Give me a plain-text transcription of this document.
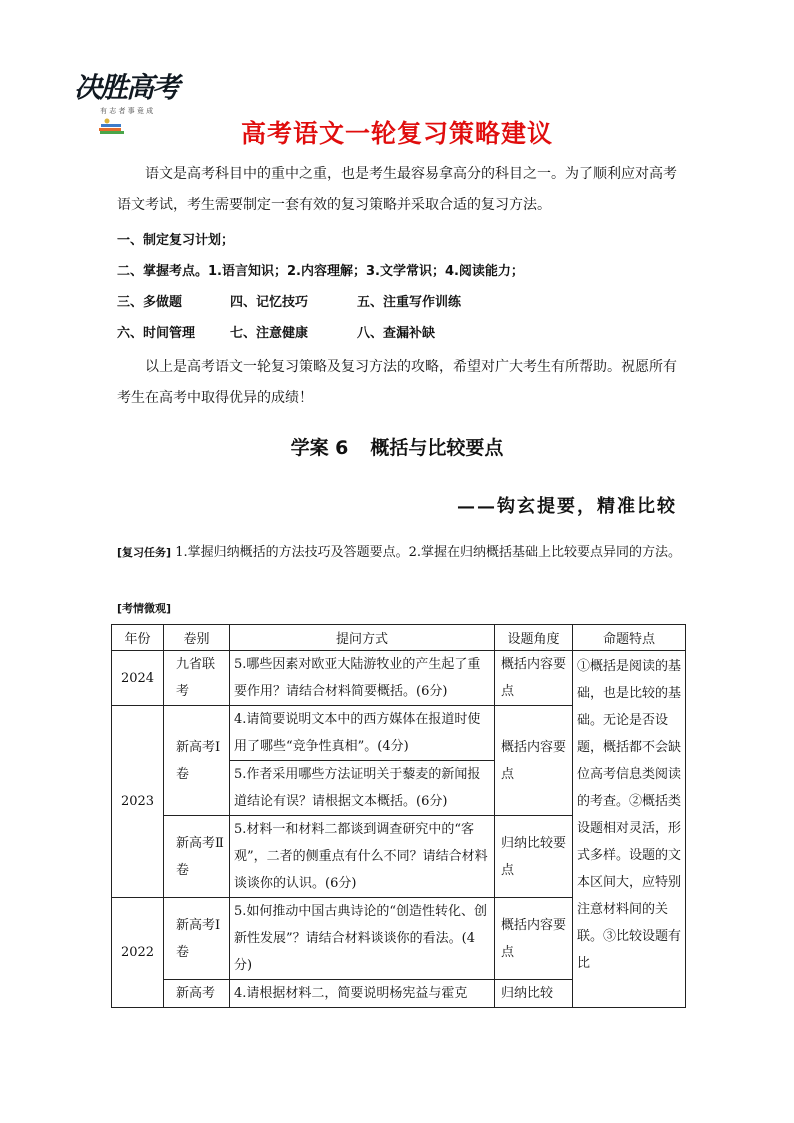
决胜高考
有 志 者 事 竟 成
高考语文一轮复习策略建议
语文是高考科目中的重中之重，也是考生最容易拿高分的科目之一。为了顺利应对高考语文考试，考生需要制定一套有效的复习策略并采取合适的复习方法。
一、制定复习计划；
二、掌握考点。1.语言知识；2.内容理解；3.文学常识；4.阅读能力；
三、多做题	四、记忆技巧	五、注重写作训练
六、时间管理	七、注意健康	八、查漏补缺
以上是高考语文一轮复习策略及复习方法的攻略，希望对广大考生有所帮助。祝愿所有考生在高考中取得优异的成绩！
学案 6 概括与比较要点
——钩玄提要，精准比较
[复习任务] 1.掌握归纳概括的方法技巧及答题要点。2.掌握在归纳概括基础上比较要点异同的方法。
[考情微观]
年份	卷别	提问方式	设题角度	命题特点
2024	九省联考	5.哪些因素对欧亚大陆游牧业的产生起了重要作用？请结合材料简要概括。(6分)	概括内容要点	①概括是阅读的基础，也是比较的基础。无论是否设题，概括都不会缺位高考信息类阅读的考查。②概括类设题相对灵活，形式多样。设题的文本区间大，应特别注意材料间的关联。③比较设题有比
2023	新高考Ⅰ卷	4.请简要说明文本中的西方媒体在报道时使用了哪些“竞争性真相”。(4分)	概括内容要点	
		5.作者采用哪些方法证明关于藜麦的新闻报道结论有误？请根据文本概括。(6分)		
	新高考Ⅱ卷	5.材料一和材料二都谈到调查研究中的“客观”，二者的侧重点有什么不同？请结合材料谈谈你的认识。(6分)	归纳比较要点	
2022	新高考Ⅰ卷	5.如何推动中国古典诗论的“创造性转化、创新性发展”？请结合材料谈谈你的看法。(4分)	概括内容要点	
	新高考	4.请根据材料二，简要说明杨宪益与霍克	归纳比较	
